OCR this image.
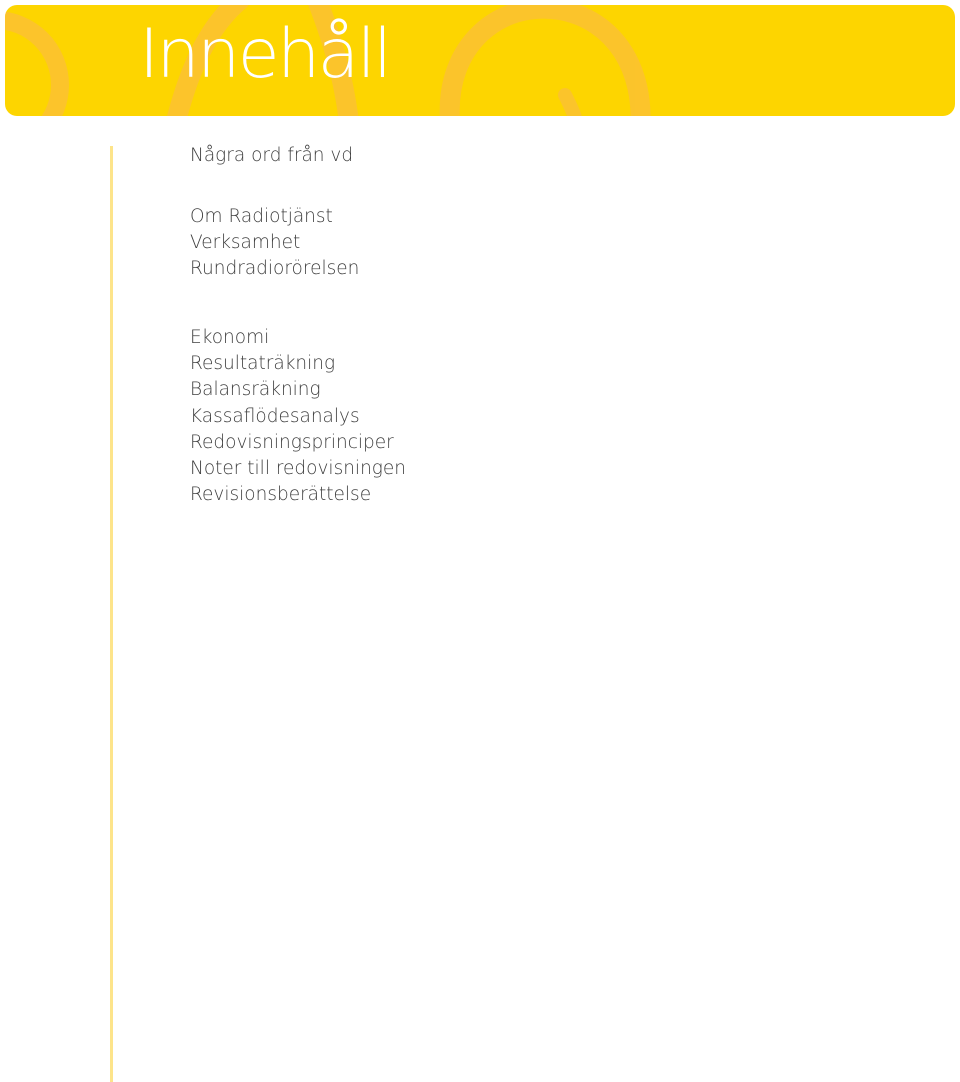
Innehåll
Några ord från vd
Om Radiotjänst
Verksamhet
Rundradiorörelsen
Ekonomi
Resultaträkning
Balansräkning
Kassaflödesanalys
Redovisningsprinciper
Noter till redovisningen
Revisionsberättelse
